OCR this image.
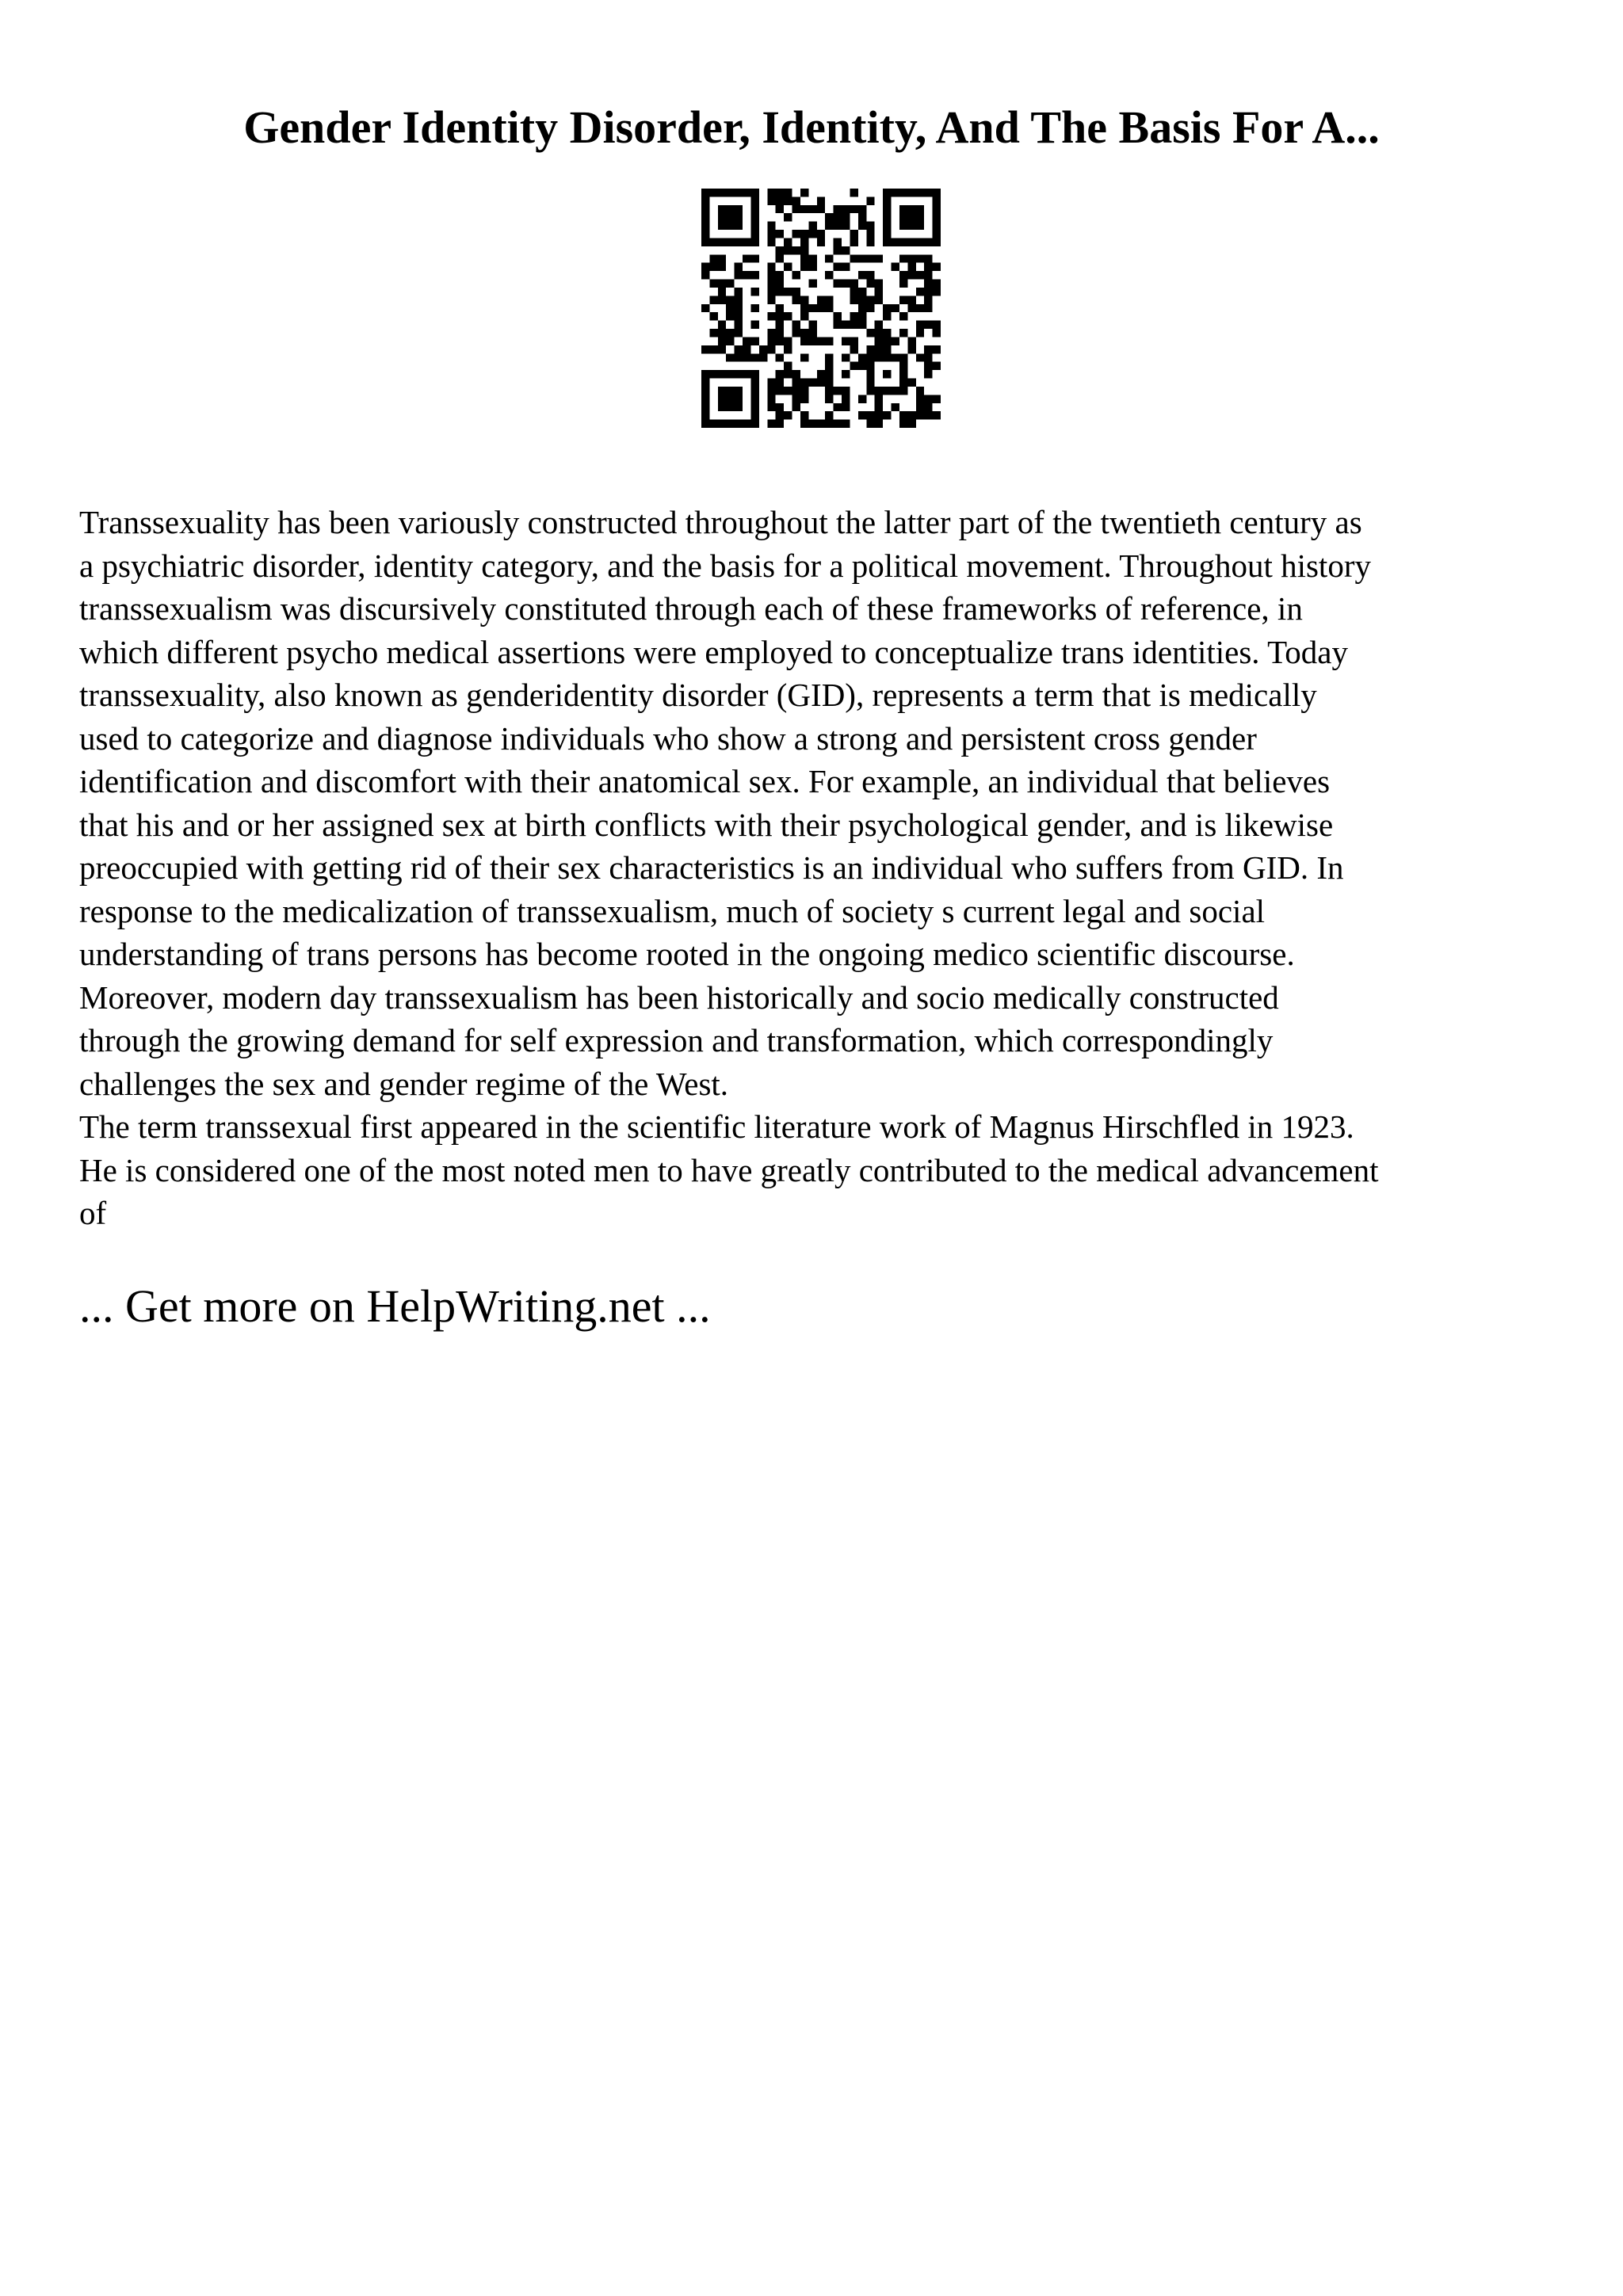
Gender Identity Disorder, Identity, And The Basis For A...

Transsexuality has been variously constructed throughout the latter part of the twentieth century as
a psychiatric disorder, identity category, and the basis for a political movement. Throughout history
transsexualism was discursively constituted through each of these frameworks of reference, in
which different psycho medical assertions were employed to conceptualize trans identities. Today
transsexuality, also known as genderidentity disorder (GID), represents a term that is medically
used to categorize and diagnose individuals who show a strong and persistent cross gender
identification and discomfort with their anatomical sex. For example, an individual that believes
that his and or her assigned sex at birth conflicts with their psychological gender, and is likewise
preoccupied with getting rid of their sex characteristics is an individual who suffers from GID. In
response to the medicalization of transsexualism, much of society s current legal and social
understanding of trans persons has become rooted in the ongoing medico scientific discourse.
Moreover, modern day transsexualism has been historically and socio medically constructed
through the growing demand for self expression and transformation, which correspondingly
challenges the sex and gender regime of the West.

The term transsexual first appeared in the scientific literature work of Magnus Hirschfled in 1923.
He is considered one of the most noted men to have greatly contributed to the medical advancement
of

... Get more on HelpWriting.net ...
